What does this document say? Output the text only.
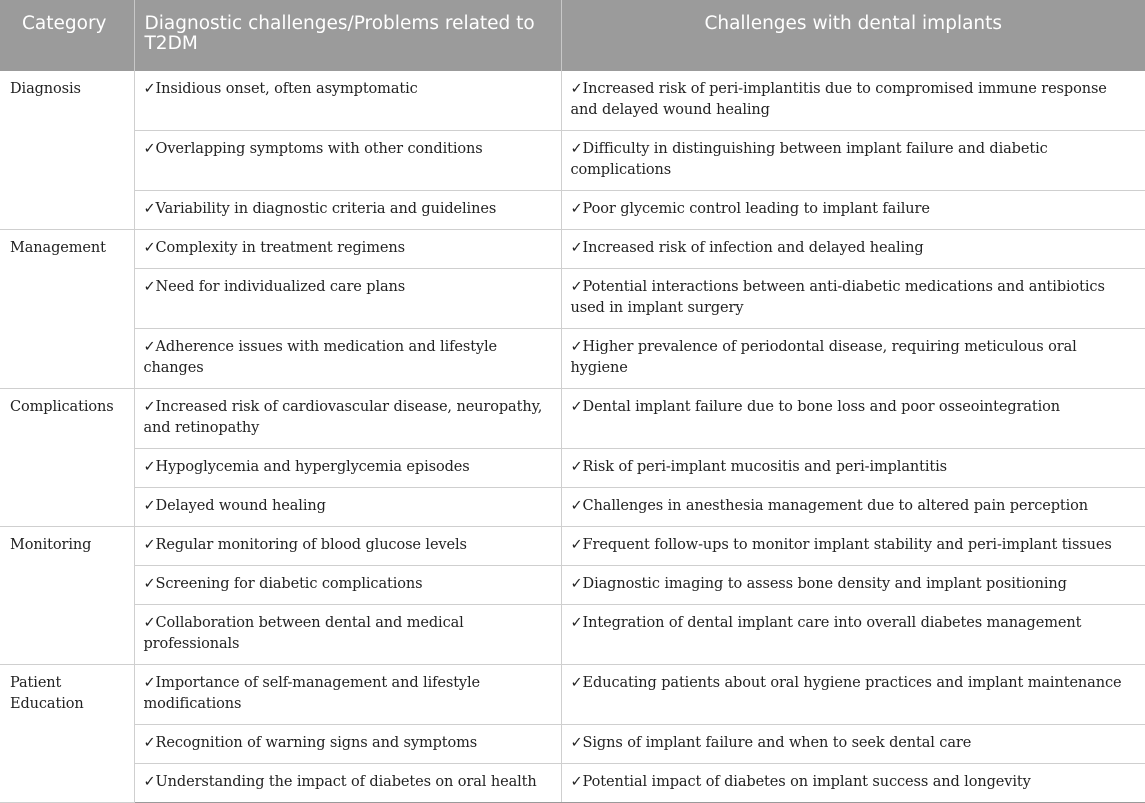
Category	Diagnostic challenges/Problems related to T2DM	Challenges with dental implants
Diagnosis	✓Insidious onset, often asymptomatic	✓Increased risk of peri-implantitis due to compromised immune response and delayed wound healing
	✓Overlapping symptoms with other conditions	✓Difficulty in distinguishing between implant failure and diabetic complications
	✓Variability in diagnostic criteria and guidelines	✓Poor glycemic control leading to implant failure
Management	✓Complexity in treatment regimens	✓Increased risk of infection and delayed healing
	✓Need for individualized care plans	✓Potential interactions between anti-diabetic medications and antibiotics used in implant surgery
	✓Adherence issues with medication and lifestyle changes	✓Higher prevalence of periodontal disease, requiring meticulous oral hygiene
Complications	✓Increased risk of cardiovascular disease, neuropathy, and retinopathy	✓Dental implant failure due to bone loss and poor osseointegration
	✓Hypoglycemia and hyperglycemia episodes	✓Risk of peri-implant mucositis and peri-implantitis
	✓Delayed wound healing	✓Challenges in anesthesia management due to altered pain perception
Monitoring	✓Regular monitoring of blood glucose levels	✓Frequent follow-ups to monitor implant stability and peri-implant tissues
	✓Screening for diabetic complications	✓Diagnostic imaging to assess bone density and implant positioning
	✓Collaboration between dental and medical professionals	✓Integration of dental implant care into overall diabetes management
Patient Education	✓Importance of self-management and lifestyle modifications	✓Educating patients about oral hygiene practices and implant maintenance
	✓Recognition of warning signs and symptoms	✓Signs of implant failure and when to seek dental care
	✓Understanding the impact of diabetes on oral health	✓Potential impact of diabetes on implant success and longevity
